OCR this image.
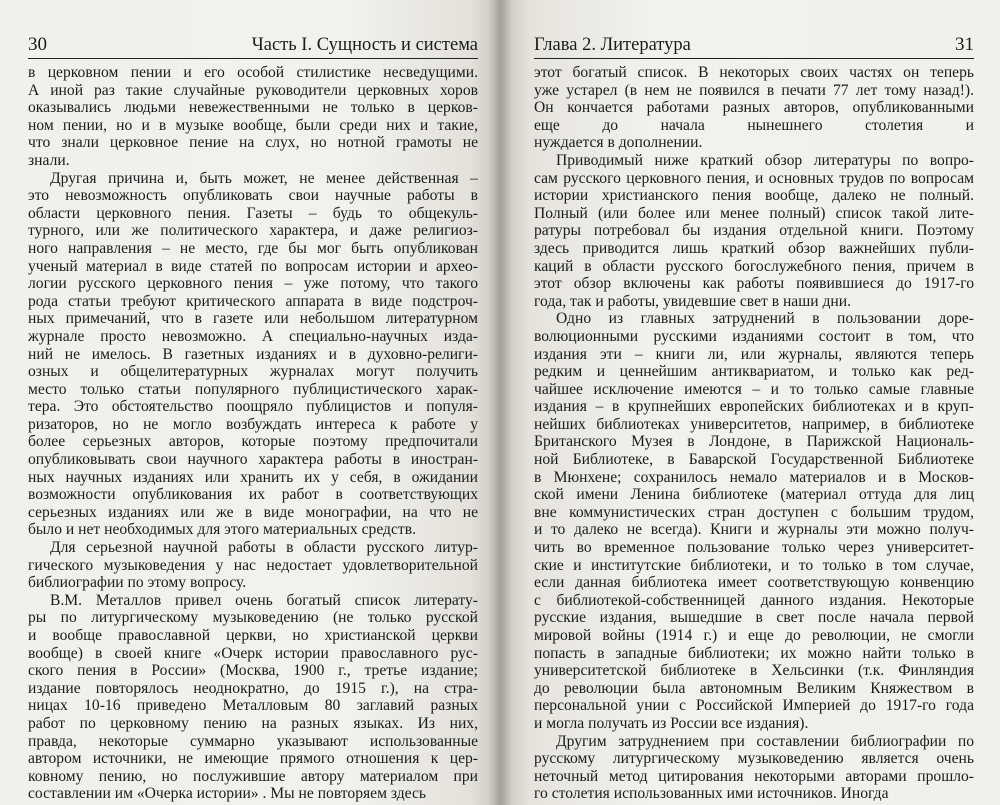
30	Часть I. Сущность и система

в церковном пении и его особой стилистике несведущими.
А иной раз такие случайные руководители церковных хоров
оказывались людьми невежественными не только в церков-
ном пении, но и в музыке вообще, были среди них и такие,
что знали церковное пение на слух, но нотной грамоты не
знали.

Другая причина и, быть может, не менее действенная –
это невозможность опубликовать свои научные работы в
области церковного пения. Газеты – будь то общекуль-
турного, или же политического характера, и даже религиоз-
ного направления – не место, где бы мог быть опубликован
ученый материал в виде статей по вопросам истории и архео-
логии русского церковного пения – уже потому, что такого
рода статьи требуют критического аппарата в виде подстроч-
ных примечаний, что в газете или небольшом литературном
журнале просто невозможно. А специально-научных изда-
ний не имелось. В газетных изданиях и в духовно-религи-
озных и общелитературных журналах могут получить
место только статьи популярного публицистического харак-
тера. Это обстоятельство поощряло публицистов и популя-
ризаторов, но не могло возбуждать интереса к работе у
более серьезных авторов, которые поэтому предпочитали
опубликовывать свои научного характера работы в иностран-
ных научных изданиях или хранить их у себя, в ожидании
возможности опубликования их работ в соответствующих
серьезных изданиях или же в виде монографии, на что не
было и нет необходимых для этого материальных средств.

Для серьезной научной работы в области русского литур-
гического музыковедения у нас недостает удовлетворительной
библиографии по этому вопросу.

В.М. Металлов привел очень богатый список литерату-
ры по литургическому музыковедению (не только русской
и вообще православной церкви, но христианской церкви
вообще) в своей книге «Очерк истории православного рус-
ского пения в России» (Москва, 1900 г., третье издание;
издание повторялось неоднократно, до 1915 г.), на стра-
ницах 10-16 приведено Металловым 80 заглавий разных
работ по церковному пению на разных языках. Из них,
правда, некоторые суммарно указывают использованные
автором источники, не имеющие прямого отношения к цер-
ковному пению, но послужившие автору материалом при
составлении им «Очерка истории» . Мы не повторяем здесь

Глава 2. Литература	31

этот богатый список. В некоторых своих частях он теперь
уже устарел (в нем не появился в печати 77 лет тому назад!).
Он кончается работами разных авторов, опубликованными
еще до начала нынешнего столетия и
нуждается в дополнении.

Приводимый ниже краткий обзор литературы по вопро-
сам русского церковного пения, и основных трудов по вопросам
истории христианского пения вообще, далеко не полный.
Полный (или более или менее полный) список такой лите-
ратуры потребовал бы издания отдельной книги. Поэтому
здесь приводится лишь краткий обзор важнейших публи-
каций в области русского богослужебного пения, причем в
этот обзор включены как работы появившиеся до 1917-го
года, так и работы, увидевшие свет в наши дни.

Одно из главных затруднений в пользовании доре-
волюционными русскими изданиями состоит в том, что
издания эти – книги ли, или журналы, являются теперь
редким и ценнейшим антиквариатом, и только как ред-
чайшее исключение имеются – и то только самые главные
издания – в крупнейших европейских библиотеках и в круп-
нейших библиотеках университетов, например, в библиотеке
Британского Музея в Лондоне, в Парижской Националь-
ной Библиотеке, в Баварской Государственной Библиотеке
в Мюнхене; сохранилось немало материалов и в Москов-
ской имени Ленина библиотеке (материал оттуда для лиц
вне коммунистических стран доступен с большим трудом,
и то далеко не всегда). Книги и журналы эти можно получ-
чить во временное пользование только через университет-
ские и институтские библиотеки, и то только в том случае,
если данная библиотека имеет соответствующую конвенцию
с библиотекой-собственницей данного издания. Некоторые
русские издания, вышедшие в свет после начала первой
мировой войны (1914 г.) и еще до революции, не смогли
попасть в западные библиотеки; их можно найти только в
университетской библиотеке в Хельсинки (т.к. Финляндия
до революции была автономным Великим Княжеством в
персональной унии с Российской Империей до 1917-го года
и могла получать из России все издания).

Другим затруднением при составлении библиографии по
русскому литургическому музыковедению является очень
неточный метод цитирования некоторыми авторами прошло-
го столетия использованных ими источников. Иногда
